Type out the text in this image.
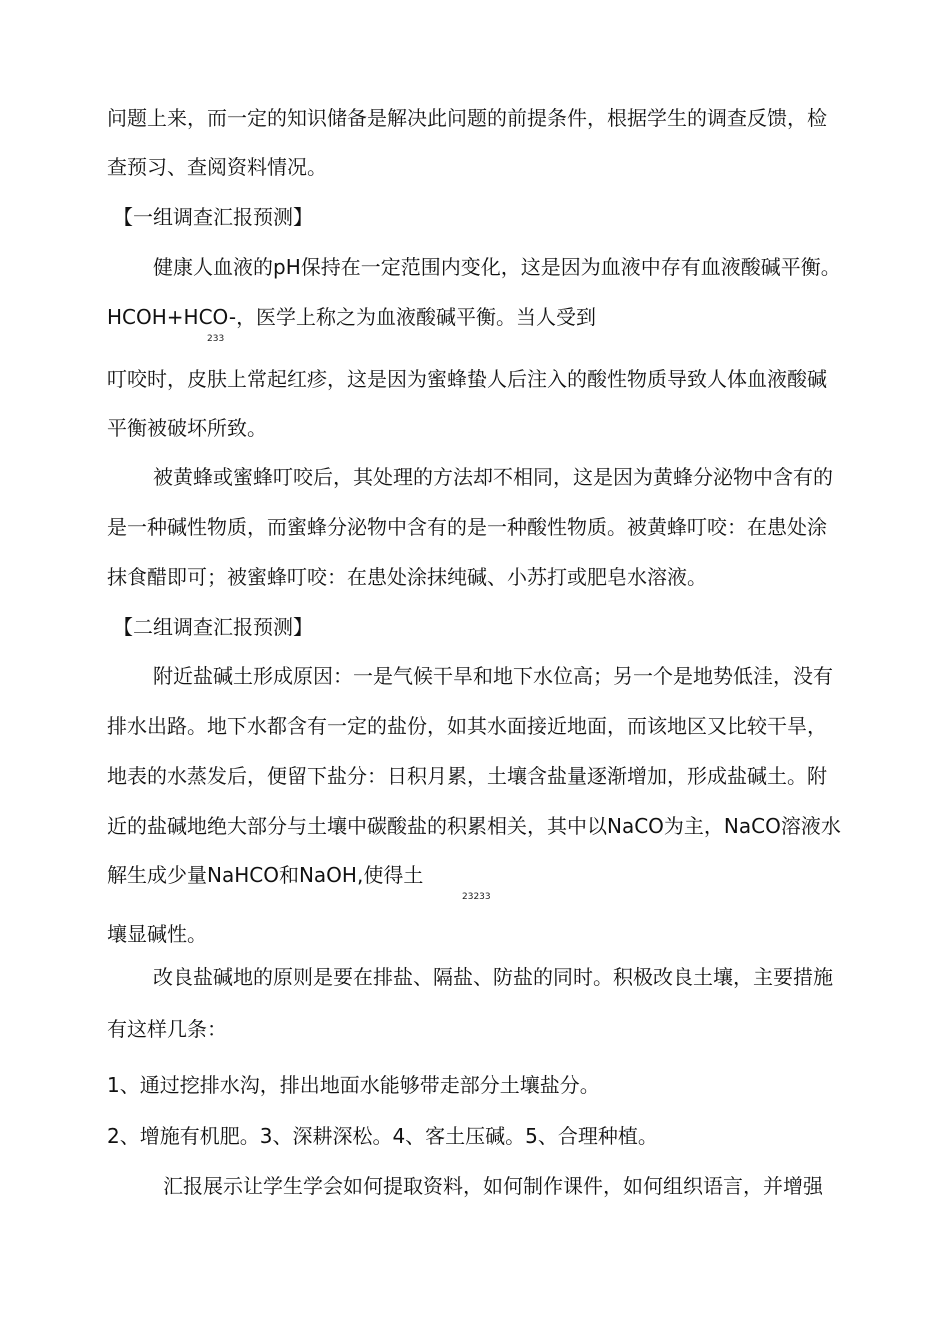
问题上来，而一定的知识储备是解决此问题的前提条件，根据学生的调查反馈，检
查预习、查阅资料情况。
【一组调查汇报预测】
健康人血液的pH保持在一定范围内变化，这是因为血液中存有血液酸碱平衡。
HCOH+HCO-，医学上称之为血液酸碱平衡。当人受到
233
叮咬时，皮肤上常起红疹，这是因为蜜蜂蛰人后注入的酸性物质导致人体血液酸碱
平衡被破坏所致。
被黄蜂或蜜蜂叮咬后，其处理的方法却不相同，这是因为黄蜂分泌物中含有的
是一种碱性物质，而蜜蜂分泌物中含有的是一种酸性物质。被黄蜂叮咬：在患处涂
抹食醋即可；被蜜蜂叮咬：在患处涂抹纯碱、小苏打或肥皂水溶液。
【二组调查汇报预测】
附近盐碱土形成原因：一是气候干旱和地下水位高；另一个是地势低洼，没有
排水出路。地下水都含有一定的盐份，如其水面接近地面，而该地区又比较干旱，
地表的水蒸发后，便留下盐分：日积月累，土壤含盐量逐渐增加，形成盐碱土。附
近的盐碱地绝大部分与土壤中碳酸盐的积累相关，其中以NaCO为主，NaCO溶液水
解生成少量NaHCO和NaOH,使得土
23233
壤显碱性。
改良盐碱地的原则是要在排盐、隔盐、防盐的同时。积极改良土壤，主要措施
有这样几条：
1、通过挖排水沟，排出地面水能够带走部分土壤盐分。
2、增施有机肥。3、深耕深松。4、客土压碱。5、合理种植。
汇报展示让学生学会如何提取资料，如何制作课件，如何组织语言，并增强
